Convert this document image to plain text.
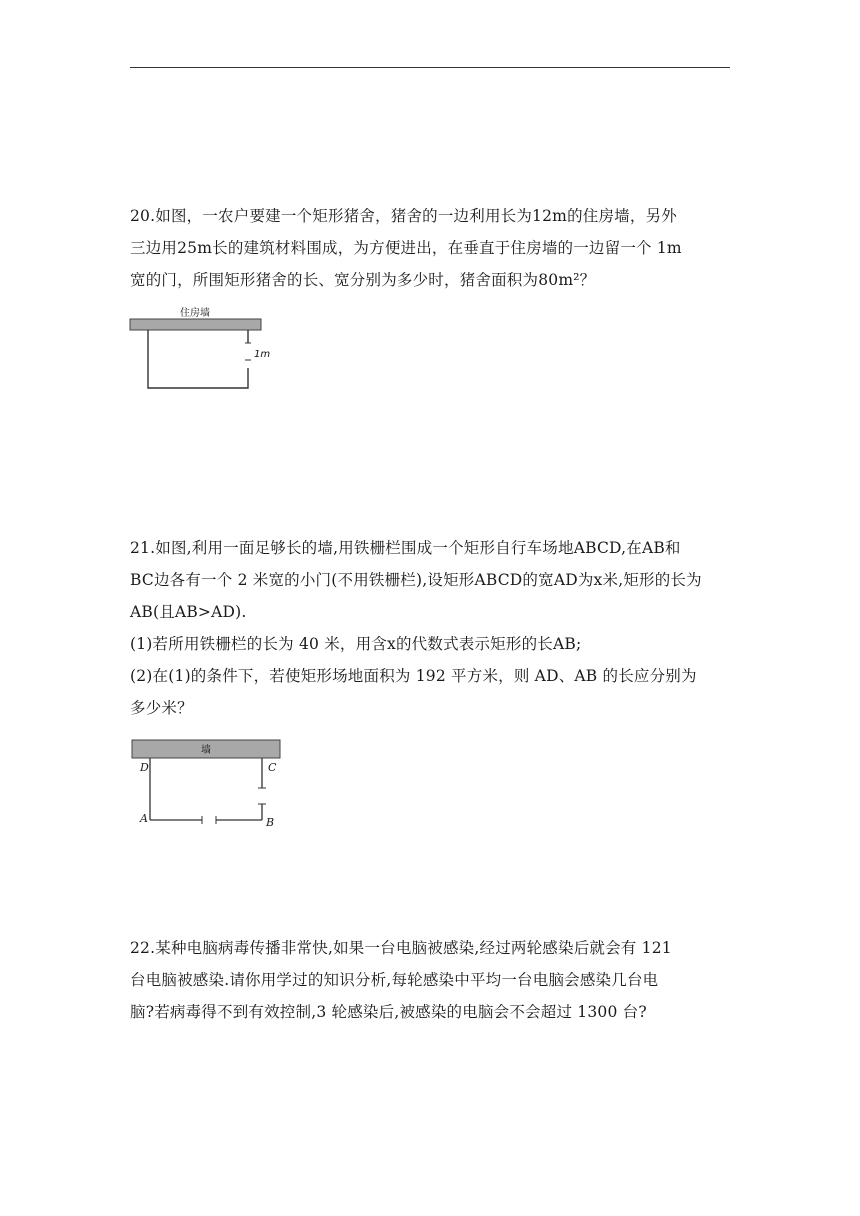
20.如图，一农户要建一个矩形猪舍，猪舍的一边利用长为12m的住房墙，另外
三边用25m长的建筑材料围成，为方便进出，在垂直于住房墙的一边留一个 1m
宽的门，所围矩形猪舍的长、宽分别为多少时，猪舍面积为80m²？
住房墙
1m
21.如图,利用一面足够长的墙,用铁栅栏围成一个矩形自行车场地ABCD,在AB和
BC边各有一个 2 米宽的小门(不用铁栅栏),设矩形ABCD的宽AD为x米,矩形的长为
AB(且AB>AD).
(1)若所用铁栅栏的长为 40 米，用含x的代数式表示矩形的长AB;
(2)在(1)的条件下，若使矩形场地面积为 192 平方米，则 AD、AB 的长应分别为
多少米？
墙
D	C
A	B
22.某种电脑病毒传播非常快,如果一台电脑被感染,经过两轮感染后就会有 121
台电脑被感染.请你用学过的知识分析,每轮感染中平均一台电脑会感染几台电
脑?若病毒得不到有效控制,3 轮感染后,被感染的电脑会不会超过 1300 台?
